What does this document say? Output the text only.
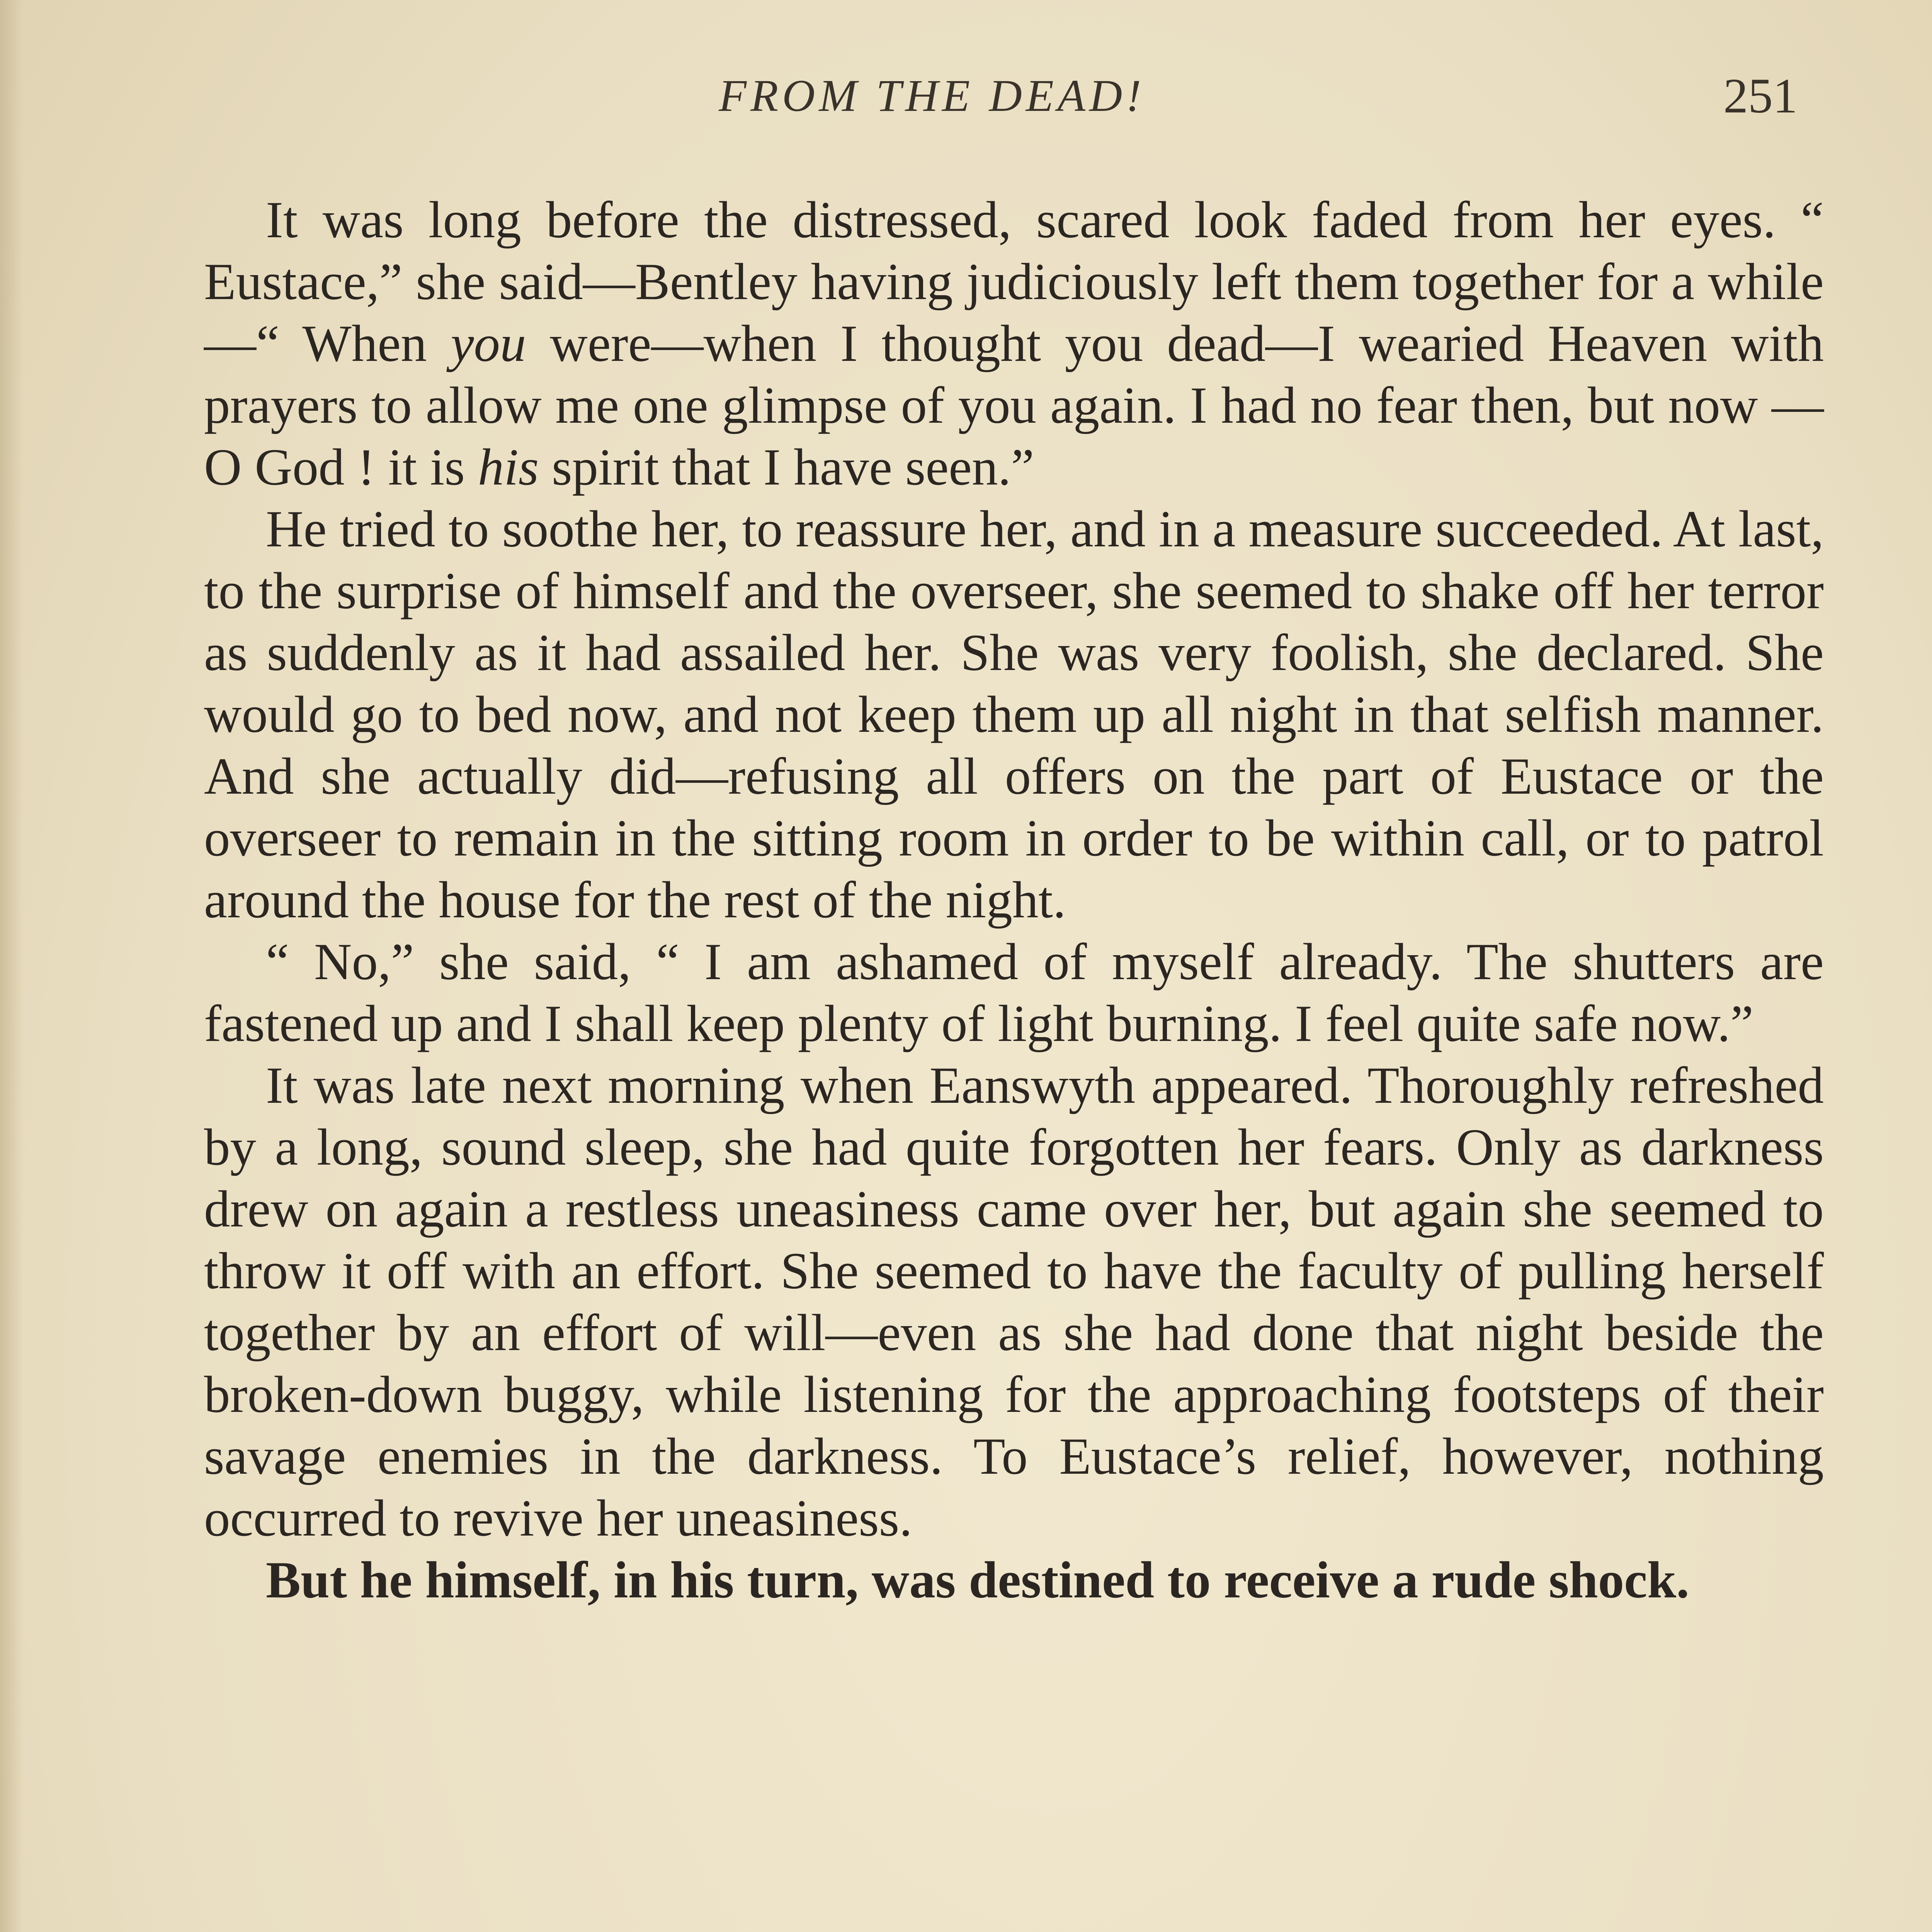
FROM THE DEAD!	251

It was long before the distressed, scared look faded from her eyes. “ Eustace,” she said—Bentley having judiciously left them together for a while—“ When you were—when I thought you dead—I wearied Heaven with prayers to allow me one glimpse of you again. I had no fear then, but now —O God ! it is his spirit that I have seen.”

He tried to soothe her, to reassure her, and in a measure succeeded. At last, to the surprise of himself and the overseer, she seemed to shake off her terror as suddenly as it had assailed her. She was very foolish, she declared. She would go to bed now, and not keep them up all night in that selfish manner. And she actually did—refusing all offers on the part of Eustace or the overseer to remain in the sitting room in order to be within call, or to patrol around the house for the rest of the night.

“ No,” she said, “ I am ashamed of myself already. The shutters are fastened up and I shall keep plenty of light burning. I feel quite safe now.”

It was late next morning when Eanswyth appeared. Thoroughly refreshed by a long, sound sleep, she had quite forgotten her fears. Only as darkness drew on again a restless uneasiness came over her, but again she seemed to throw it off with an effort. She seemed to have the faculty of pulling herself together by an effort of will—even as she had done that night beside the broken-down buggy, while listening for the approaching footsteps of their savage enemies in the darkness. To Eustace’s relief, however, nothing occurred to revive her uneasiness.

But he himself, in his turn, was destined to receive a rude shock.
